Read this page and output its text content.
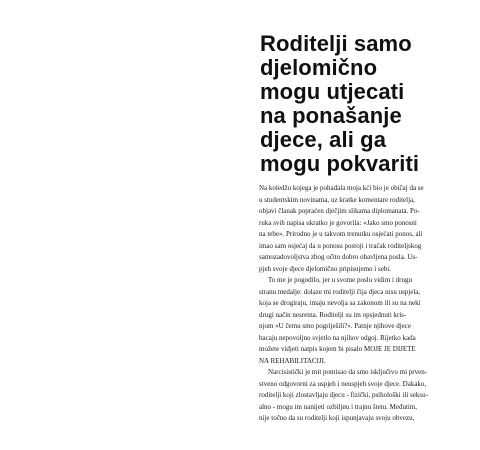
Roditelji samo
djelomično
mogu utjecati
na ponašanje
djece, ali ga
mogu pokvariti
Na koledžu kojega je pohađala moja kći bio je običaj da se
u studentskim novinama, uz kratke komentare roditelja,
objavi članak popraćen dječjim slikama diplomanata. Po-
ruka svih napisa ukratko je govorila: «Jako smo ponosni
na tebe». Prirodno je u takvom trenutku osjećati ponos, ali
imao sam osjećaj da u ponosu postoji i tračak roditeljskog
samozadovoljstva zbog očito dobro obavljena posla. Us-
pjeh svoje djece djelomično pripisujemo i sebi.
To me je pogodilo, jer u svome poslu vidim i drugu
stranu medalje: dolaze mi roditelji čija djeca nisu uspjela,
koja se drogiraju, imaju nevolja sa zakonom ili su na neki
drugi način nesretna. Roditelji su im opsjednuti kris-
njom «U čemu smo pogriješili?». Patnje njihove djece
bacaju nepovoljno svjetlo na njihov odgoj. Rijetko kada
možete vidjeti natpis kojem bi pisalo MOJE JE DIJETE
NA REHABILITACIJI.
Narcisistički je mit pomisao da smo isključivo mi prven-
stveno odgovorni za uspjeh i neuspjeh svoje djece. Dakako,
roditelji koji zlostavljaju djecu - fizički, psihološki ili seksu-
alno - mogu im nanijeti ozbiljnu i trajnu štetu. Međutim,
nije točno da su roditelji koji ispunjavaju svoju obvezu,
